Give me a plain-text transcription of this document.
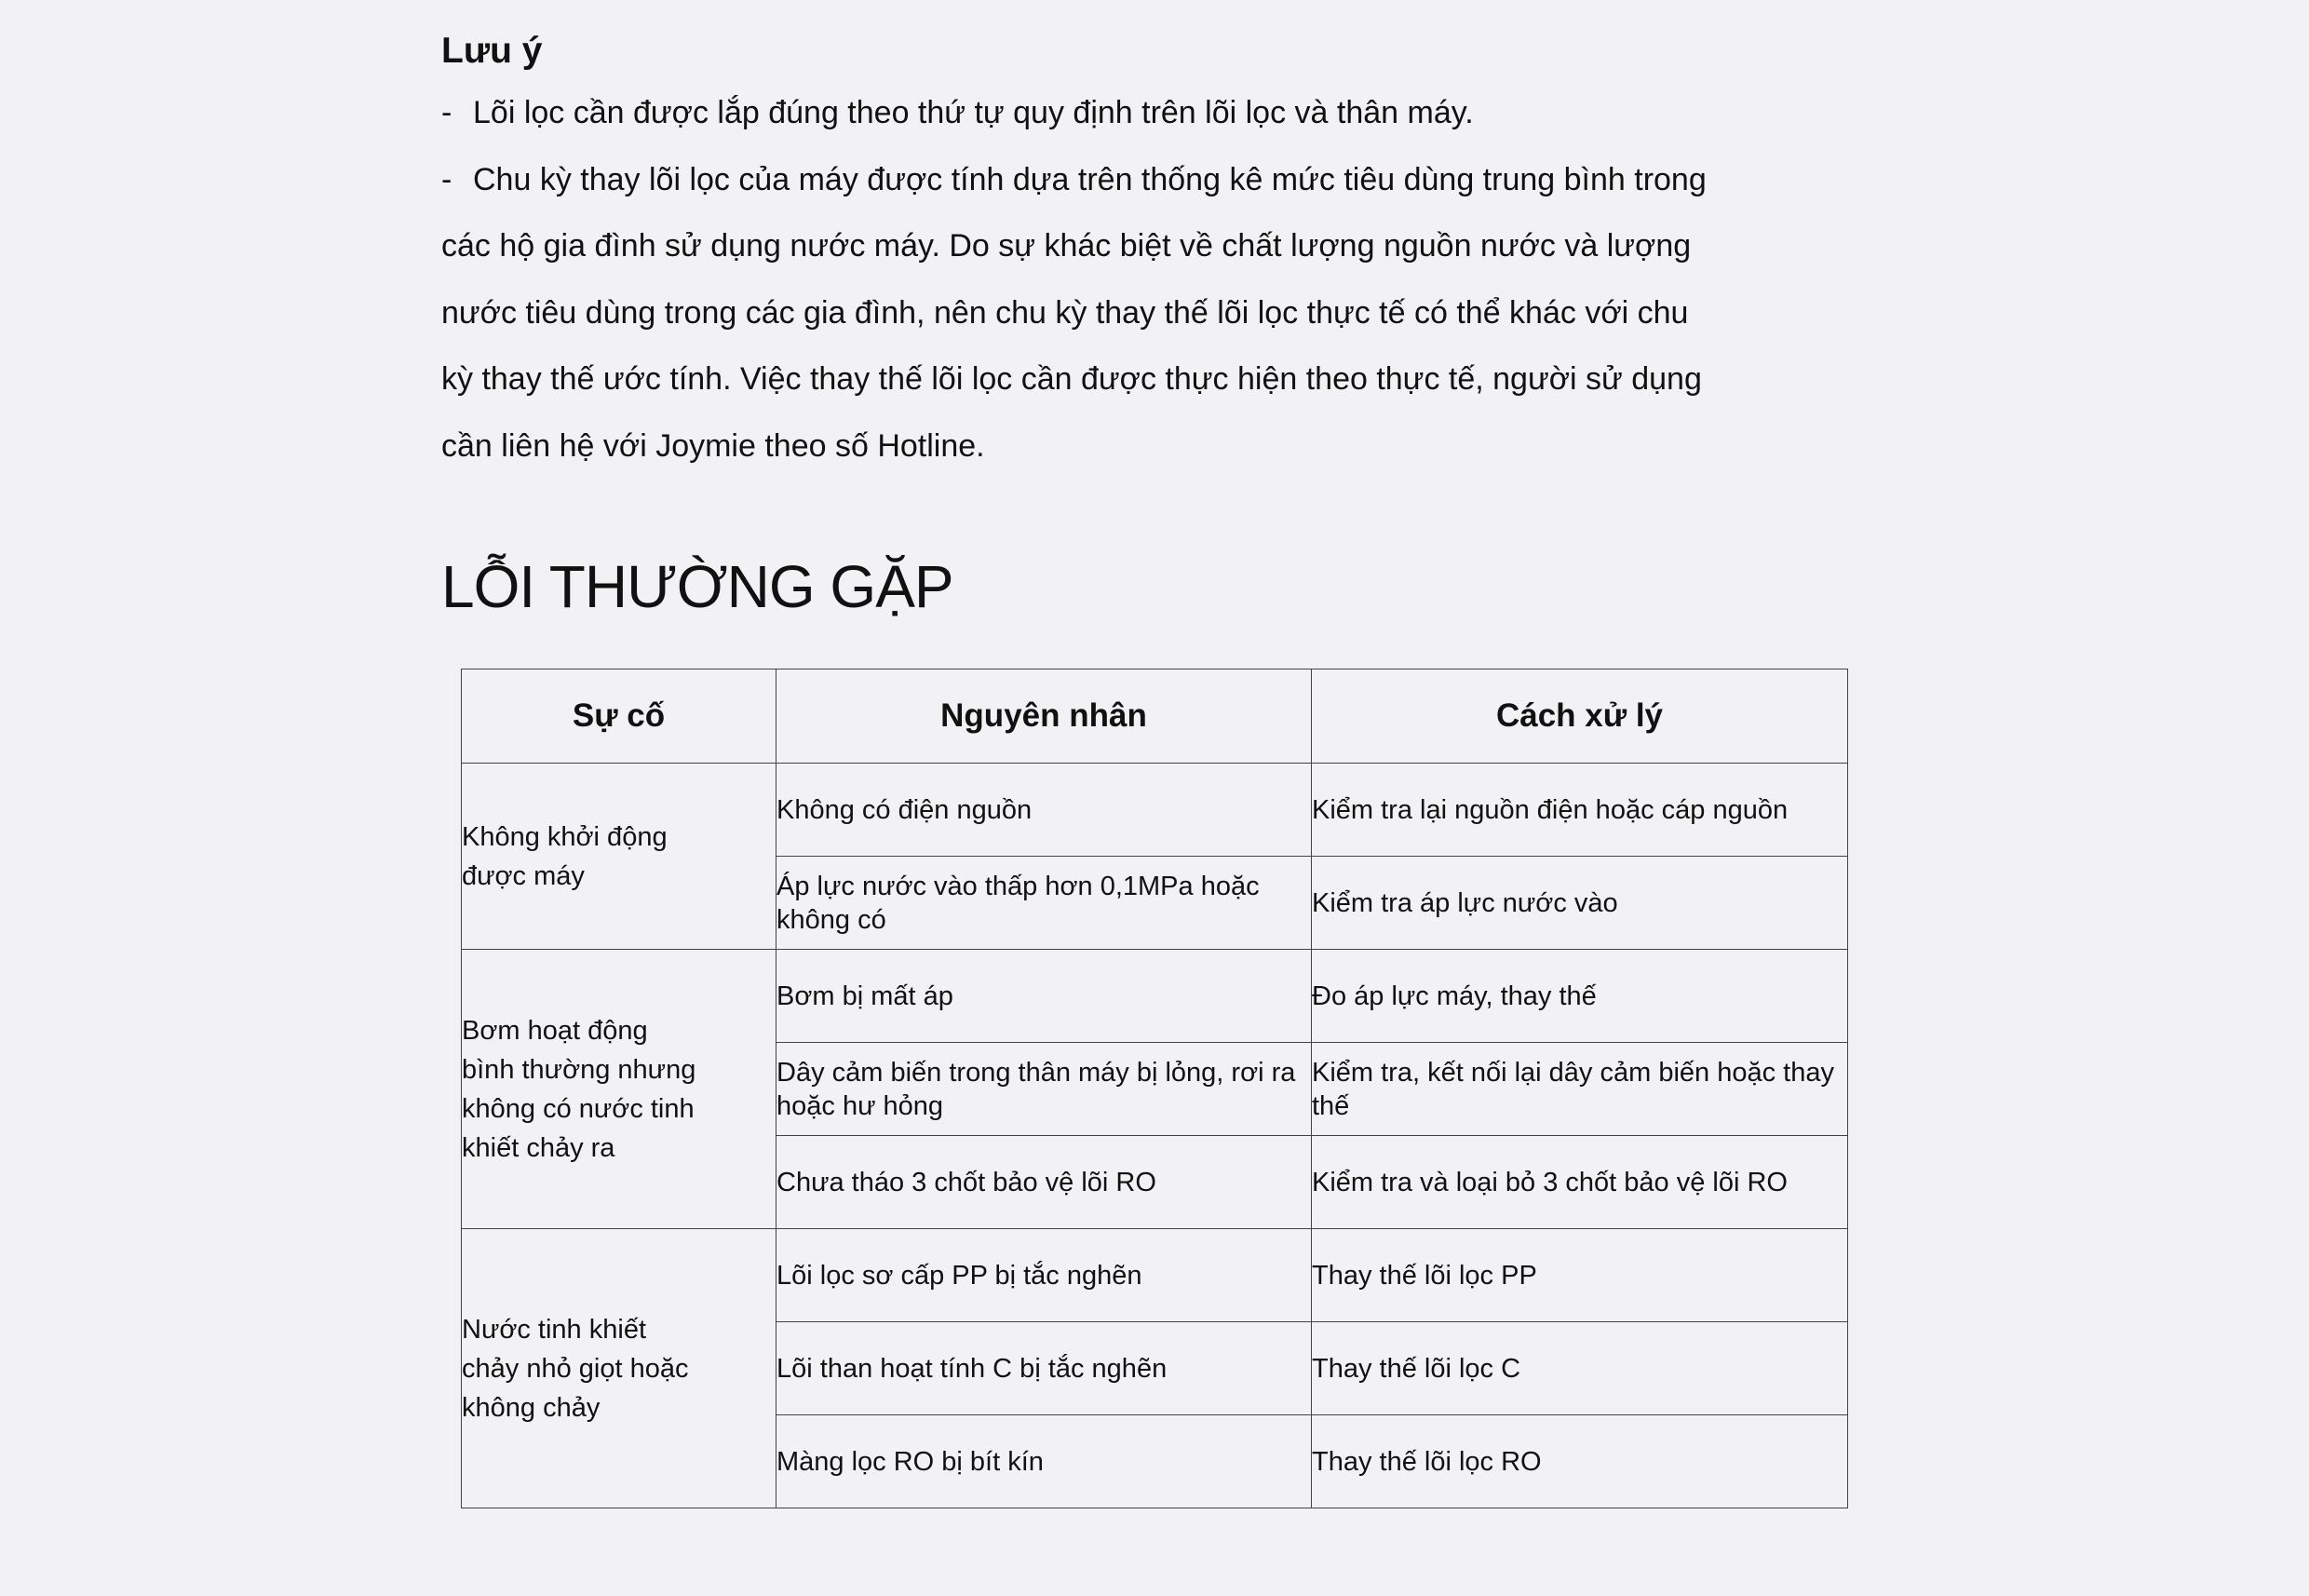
Lưu ý

- Lõi lọc cần được lắp đúng theo thứ tự quy định trên lõi lọc và thân máy.

- Chu kỳ thay lõi lọc của máy được tính dựa trên thống kê mức tiêu dùng trung bình trong

các hộ gia đình sử dụng nước máy. Do sự khác biệt về chất lượng nguồn nước và lượng

nước tiêu dùng trong các gia đình, nên chu kỳ thay thế lõi lọc thực tế có thể khác với chu

kỳ thay thế ước tính. Việc thay thế lõi lọc cần được thực hiện theo thực tế, người sử dụng

cần liên hệ với Joymie theo số Hotline.

LỖI THƯỜNG GẶP
Sự cố	Nguyên nhân	Cách xử lý

Không khởi động được máy	Không có điện nguồn	Kiểm tra lại nguồn điện hoặc cáp nguồn
	Áp lực nước vào thấp hơn 0,1MPa hoặc không có	Kiểm tra áp lực nước vào

Bơm hoạt động bình thường nhưng không có nước tinh khiết chảy ra	Bơm bị mất áp	Đo áp lực máy, thay thế
	Dây cảm biến trong thân máy bị lỏng, rơi ra hoặc hư hỏng	Kiểm tra, kết nối lại dây cảm biến hoặc thay thế
	Chưa tháo 3 chốt bảo vệ lõi RO	Kiểm tra và loại bỏ 3 chốt bảo vệ lõi RO

Nước tinh khiết chảy nhỏ giọt hoặc không chảy	Lõi lọc sơ cấp PP bị tắc nghẽn	Thay thế lõi lọc PP
	Lõi than hoạt tính C bị tắc nghẽn	Thay thế lõi lọc C
	Màng lọc RO bị bít kín	Thay thế lõi lọc RO
